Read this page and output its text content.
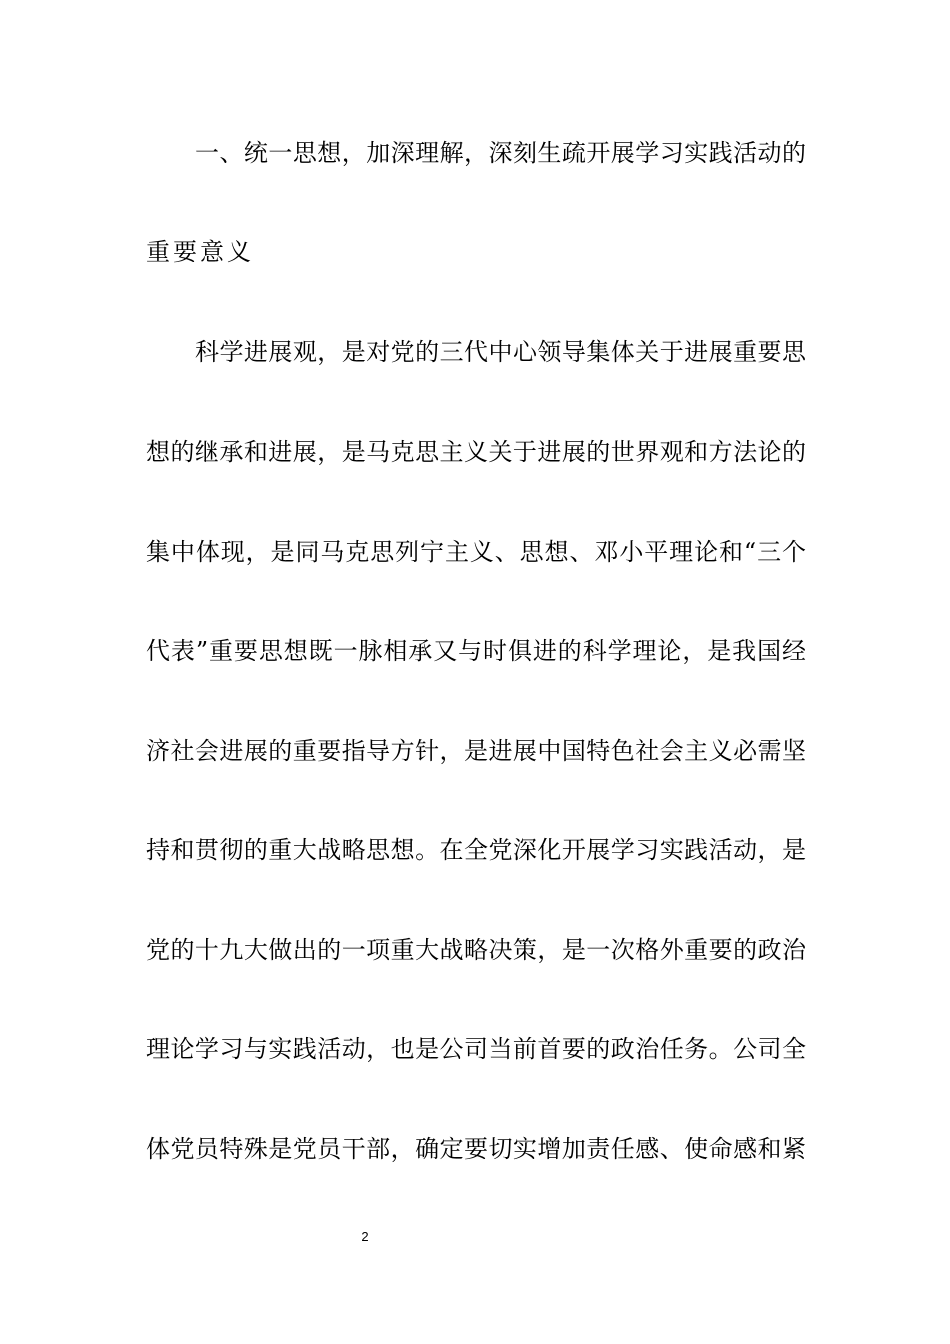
一、统一思想，加深理解，深刻生疏开展学习实践活动的
重要意义
科学进展观，是对党的三代中心领导集体关于进展重要思
想的继承和进展，是马克思主义关于进展的世界观和方法论的
集中体现，是同马克思列宁主义、思想、邓小平理论和“三个
代表”重要思想既一脉相承又与时俱进的科学理论，是我国经
济社会进展的重要指导方针，是进展中国特色社会主义必需坚
持和贯彻的重大战略思想。在全党深化开展学习实践活动，是
党的十九大做出的一项重大战略决策，是一次格外重要的政治
理论学习与实践活动，也是公司当前首要的政治任务。公司全
体党员特殊是党员干部，确定要切实增加责任感、使命感和紧
2
